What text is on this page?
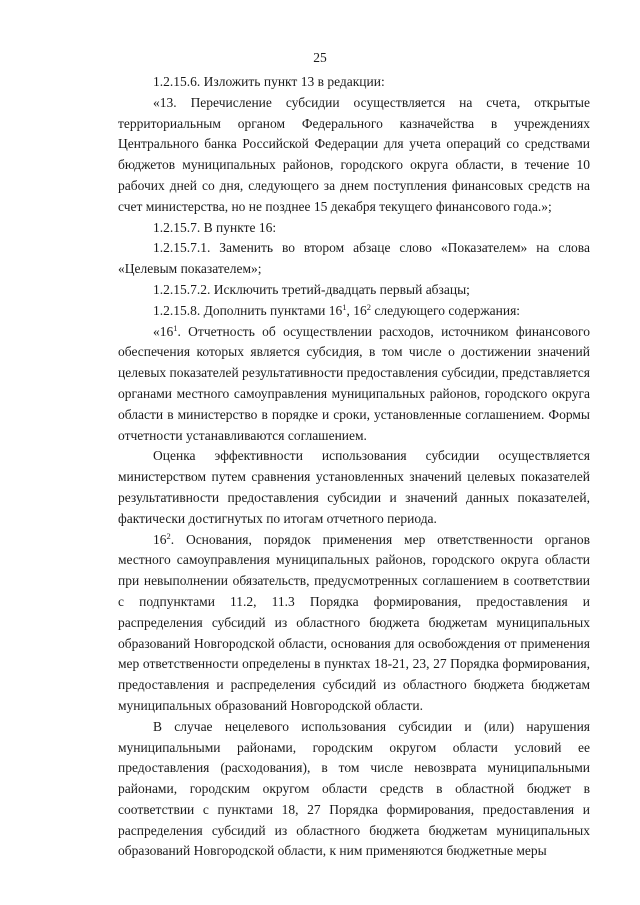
25

1.2.15.6. Изложить пункт 13 в редакции:

«13. Перечисление субсидии осуществляется на счета, открытые территориальным органом Федерального казначейства в учреждениях Центрального банка Российской Федерации для учета операций со средствами бюджетов муниципальных районов, городского округа области, в течение 10 рабочих дней со дня, следующего за днем поступления финансовых средств на счет министерства, но не позднее 15 декабря текущего финансового года.»;

1.2.15.7. В пункте 16:

1.2.15.7.1. Заменить во втором абзаце слово «Показателем» на слова «Целевым показателем»;

1.2.15.7.2. Исключить третий-двадцать первый абзацы;

1.2.15.8. Дополнить пунктами $16^1$, $16^2$ следующего содержания:

«$16^1$. Отчетность об осуществлении расходов, источником финансового обеспечения которых является субсидия, в том числе о достижении значений целевых показателей результативности предоставления субсидии, представляется органами местного самоуправления муниципальных районов, городского округа области в министерство в порядке и сроки, установленные соглашением. Формы отчетности устанавливаются соглашением.

Оценка эффективности использования субсидии осуществляется министерством путем сравнения установленных значений целевых показателей результативности предоставления субсидии и значений данных показателей, фактически достигнутых по итогам отчетного периода.

$16^2$. Основания, порядок применения мер ответственности органов местного самоуправления муниципальных районов, городского округа области при невыполнении обязательств, предусмотренных соглашением в соответствии с подпунктами 11.2, 11.3 Порядка формирования, предоставления и распределения субсидий из областного бюджета бюджетам муниципальных образований Новгородской области, основания для освобождения от применения мер ответственности определены в пунктах 18-21, 23, 27 Порядка формирования, предоставления и распределения субсидий из областного бюджета бюджетам муниципальных образований Новгородской области.

В случае нецелевого использования субсидии и (или) нарушения муниципальными районами, городским округом области условий ее предоставления (расходования), в том числе невозврата муниципальными районами, городским округом области средств в областной бюджет в соответствии с пунктами 18, 27 Порядка формирования, предоставления и распределения субсидий из областного бюджета бюджетам муниципальных образований Новгородской области, к ним применяются бюджетные меры
